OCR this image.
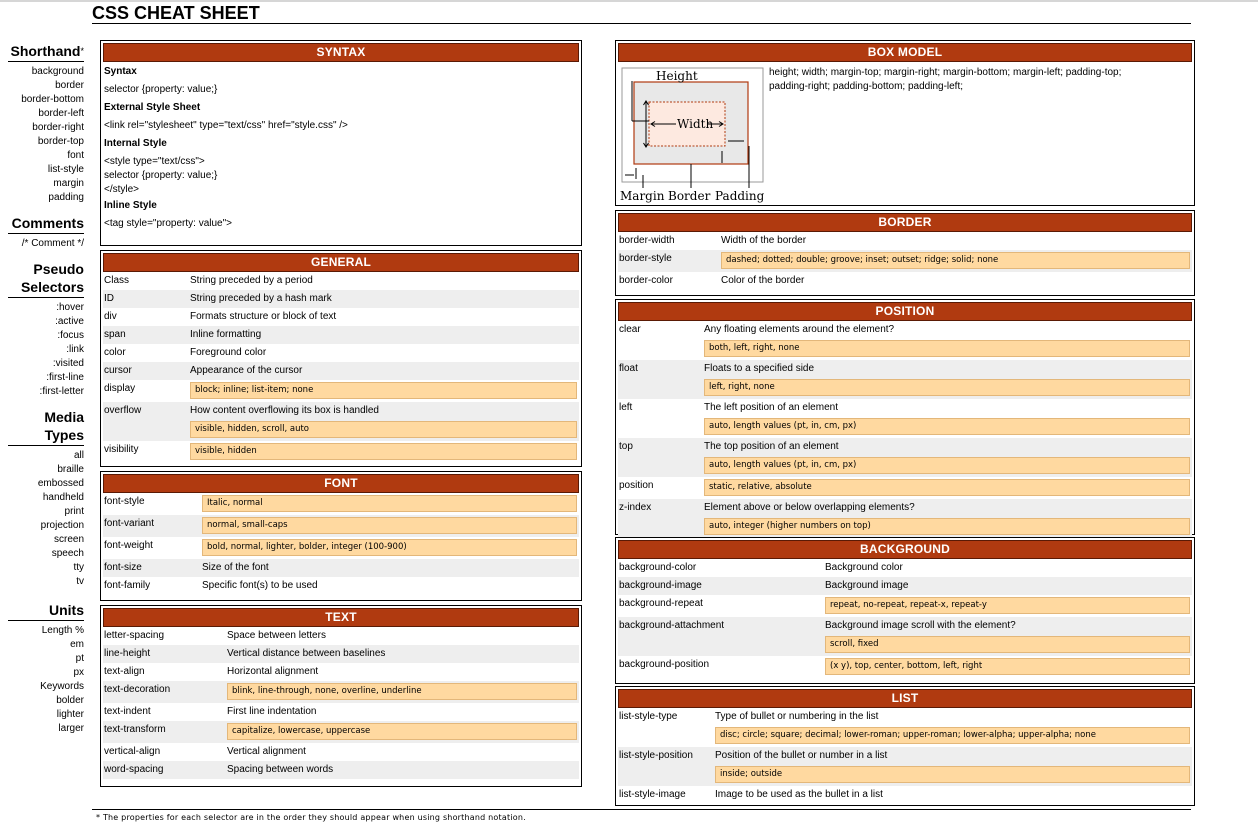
CSS CHEAT SHEET
Shorthand*
background
border
border-bottom
border-left
border-right
border-top
font
list-style
margin
padding
Comments
/* Comment */
Pseudo
Selectors
:hover
:active
:focus
:link
:visited
:first-line
:first-letter
Media
Types
all
braille
embossed
handheld
print
projection
screen
speech
tty
tv
Units
Length %
em
pt
px
Keywords
bolder
lighter
larger
SYNTAX
Syntax
selector {property: value;}
External Style Sheet
<link rel="stylesheet" type="text/css" href="style.css" />
Internal Style
<style type="text/css">
selector {property: value;}
</style>
Inline Style
<tag style="property: value">
GENERAL
Class	String preceded by a period
ID	String preceded by a hash mark
div	Formats structure or block of text
span	Inline formatting
color	Foreground color
cursor	Appearance of the cursor
display	block; inline; list-item; none
overflow	How content overflowing its box is handled
visible, hidden, scroll, auto
visibility	visible, hidden
FONT
font-style	Italic, normal
font-variant	normal, small-caps
font-weight	bold, normal, lighter, bolder, integer (100-900)
font-size	Size of the font
font-family	Specific font(s) to be used
TEXT
letter-spacing	Space between letters
line-height	Vertical distance between baselines
text-align	Horizontal alignment
text-decoration	blink, line-through, none, overline, underline
text-indent	First line indentation
text-transform	capitalize, lowercase, uppercase
vertical-align	Vertical alignment
word-spacing	Spacing between words
BOX MODEL
Height
Width
Margin Border Padding
height; width; margin-top; margin-right; margin-bottom; margin-left; padding-top; padding-right; padding-bottom; padding-left;
BORDER
border-width	Width of the border
border-style	dashed; dotted; double; groove; inset; outset; ridge; solid; none
border-color	Color of the border
POSITION
clear	Any floating elements around the element?
both, left, right, none
float	Floats to a specified side
left, right, none
left	The left position of an element
auto, length values (pt, in, cm, px)
top	The top position of an element
auto, length values (pt, in, cm, px)
position	static, relative, absolute
z-index	Element above or below overlapping elements?
auto, integer (higher numbers on top)
BACKGROUND
background-color	Background color
background-image	Background image
background-repeat	repeat, no-repeat, repeat-x, repeat-y
background-attachment	Background image scroll with the element?
scroll, fixed
background-position	(x y), top, center, bottom, left, right
LIST
list-style-type	Type of bullet or numbering in the list
disc; circle; square; decimal; lower-roman; upper-roman; lower-alpha; upper-alpha; none
list-style-position	Position of the bullet or number in a list
inside; outside
list-style-image	Image to be used as the bullet in a list
* The properties for each selector are in the order they should appear when using shorthand notation.
